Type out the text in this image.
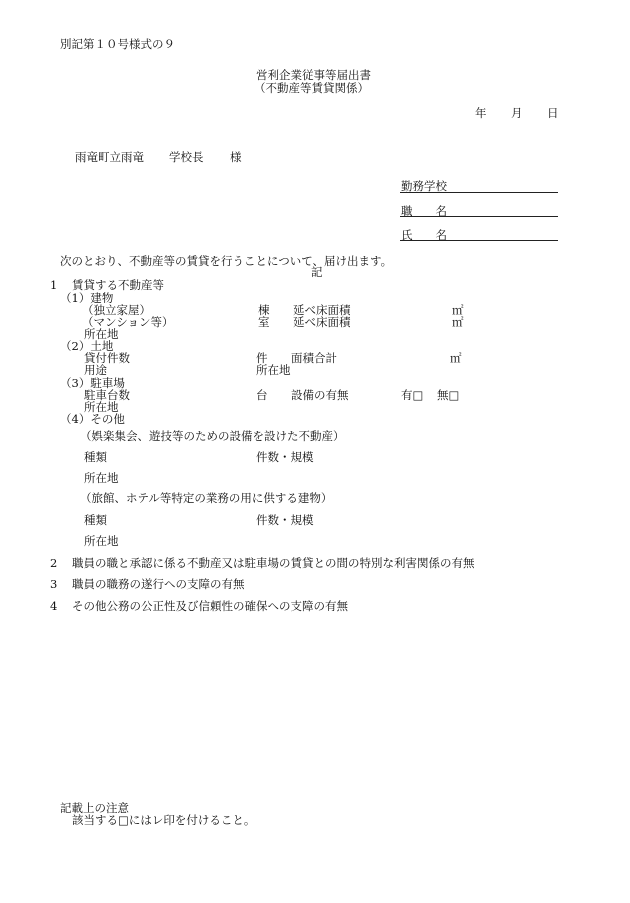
別記第１０号様式の９
営利企業従事等届出書
（不動産等賃貸関係）
年 月 日
雨竜町立雨竜 学校長 様
勤務学校
職　　名
氏　　名
次のとおり、不動産等の賃貸を行うことについて、届け出ます。
記
1 賃貸する不動産等
（1）建物
（独立家屋）	棟 延べ床面積	㎡
（マンション等）	室 延べ床面積	㎡
所在地
（2）土地
貸付件数	件 面積合計	㎡
用途	所在地
（3）駐車場
駐車台数	台 設備の有無	有□ 無□
所在地
（4）その他
（娯楽集会、遊技等のための設備を設けた不動産）
種類	件数・規模
所在地
（旅館、ホテル等特定の業務の用に供する建物）
種類	件数・規模
所在地
2 職員の職と承認に係る不動産又は駐車場の賃貸との間の特別な利害関係の有無
3 職員の職務の遂行への支障の有無
4 その他公務の公正性及び信頼性の確保への支障の有無
記載上の注意
該当する□にはレ印を付けること。
